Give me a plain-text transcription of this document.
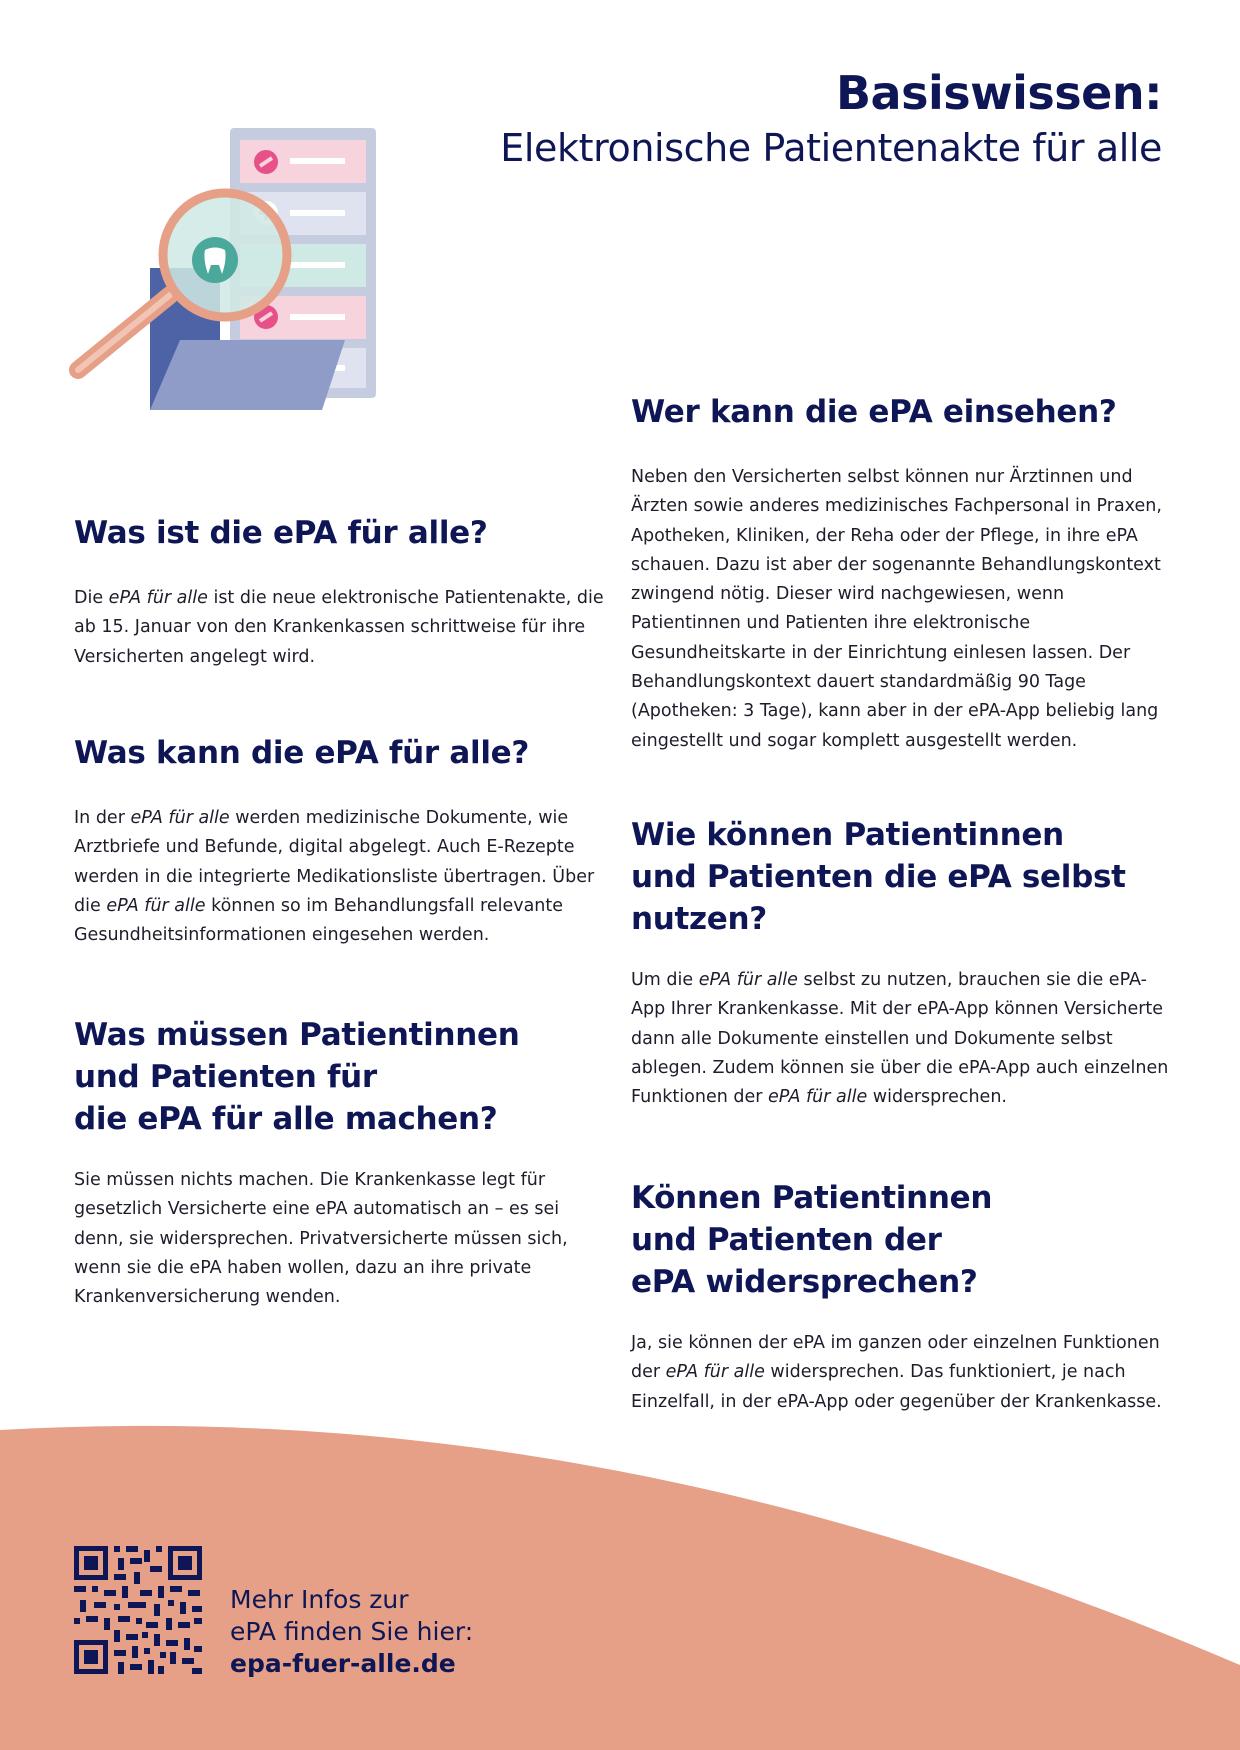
Basiswissen:
Elektronische Patientenakte für alle
Was ist die ePA für alle?

Die ePA für alle ist die neue elektronische Patientenakte, die ab 15. Januar von den Krankenkassen schrittweise für ihre Versicherten angelegt wird.

Was kann die ePA für alle?

In der ePA für alle werden medizinische Dokumente, wie Arztbriefe und Befunde, digital abgelegt. Auch E-Rezepte werden in die integrierte Medikationsliste übertragen. Über die ePA für alle können so im Behandlungsfall relevante Gesundheitsinformationen eingesehen werden.

Was müssen Patientinnen
und Patienten für
die ePA für alle machen?

Sie müssen nichts machen. Die Krankenkasse legt für gesetzlich Versicherte eine ePA automatisch an – es sei denn, sie widersprechen. Privatversicherte müssen sich, wenn sie die ePA haben wollen, dazu an ihre private Krankenversicherung wenden.

Wer kann die ePA einsehen?

Neben den Versicherten selbst können nur Ärztinnen und Ärzten sowie anderes medizinisches Fachpersonal in Praxen, Apotheken, Kliniken, der Reha oder der Pflege, in ihre ePA schauen. Dazu ist aber der sogenannte Behandlungskontext zwingend nötig. Dieser wird nachgewiesen, wenn Patientinnen und Patienten ihre elektronische Gesundheitskarte in der Einrichtung einlesen lassen. Der Behandlungskontext dauert standardmäßig 90 Tage (Apotheken: 3 Tage), kann aber in der ePA-App beliebig lang eingestellt und sogar komplett ausgestellt werden.

Wie können Patientinnen
und Patienten die ePA selbst
nutzen?

Um die ePA für alle selbst zu nutzen, brauchen sie die ePA-App Ihrer Krankenkasse. Mit der ePA-App können Versicherte dann alle Dokumente einstellen und Dokumente selbst ablegen. Zudem können sie über die ePA-App auch einzelnen Funktionen der ePA für alle widersprechen.

Können Patientinnen
und Patienten der
ePA widersprechen?

Ja, sie können der ePA im ganzen oder einzelnen Funktionen der ePA für alle widersprechen. Das funktioniert, je nach Einzelfall, in der ePA-App oder gegenüber der Krankenkasse.

Mehr Infos zur
ePA finden Sie hier:
epa-fuer-alle.de
